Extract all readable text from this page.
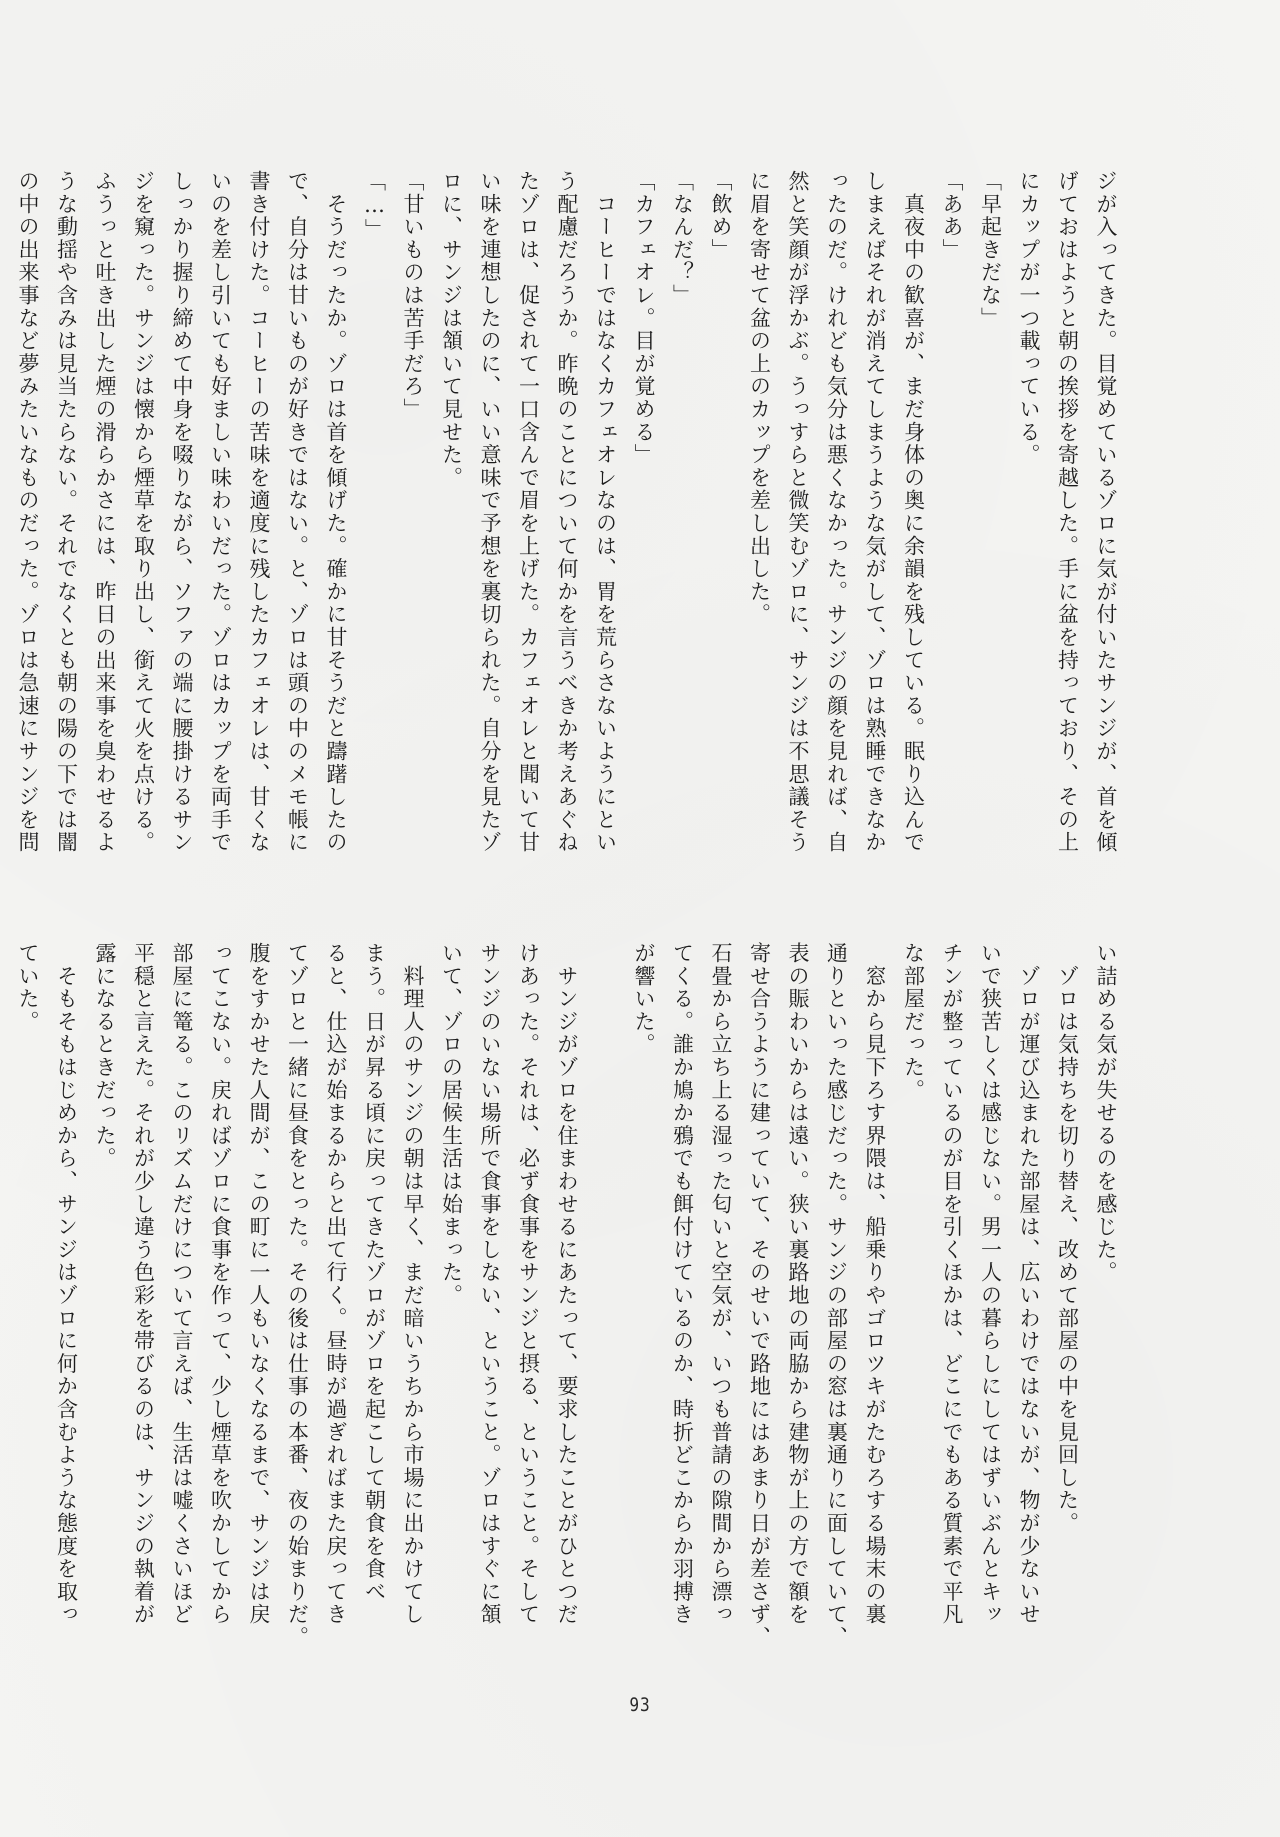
ジが入ってきた。目覚めているゾロに気が付いたサンジが、首を傾
げておはようと朝の挨拶を寄越した。手に盆を持っており、その上
にカップが一つ載っている。
「早起きだな」
「ああ」
　真夜中の歓喜が、まだ身体の奥に余韻を残している。眠り込んで
しまえばそれが消えてしまうような気がして、ゾロは熟睡できなか
ったのだ。けれども気分は悪くなかった。サンジの顔を見れば、自
然と笑顔が浮かぶ。うっすらと微笑むゾロに、サンジは不思議そう
に眉を寄せて盆の上のカップを差し出した。
「飲め」
「なんだ？」
「カフェオレ。目が覚める」
　コーヒーではなくカフェオレなのは、胃を荒らさないようにとい
う配慮だろうか。昨晩のことについて何かを言うべきか考えあぐね
たゾロは、促されて一口含んで眉を上げた。カフェオレと聞いて甘
い味を連想したのに、いい意味で予想を裏切られた。自分を見たゾ
ロに、サンジは頷いて見せた。
「甘いものは苦手だろ」
「…」
　そうだったか。ゾロは首を傾げた。確かに甘そうだと躊躇したの
で、自分は甘いものが好きではない。と、ゾロは頭の中のメモ帳に
書き付けた。コーヒーの苦味を適度に残したカフェオレは、甘くな
いのを差し引いても好ましい味わいだった。ゾロはカップを両手で
しっかり握り締めて中身を啜りながら、ソファの端に腰掛けるサン
ジを窺った。サンジは懐から煙草を取り出し、銜えて火を点ける。
ふうっと吐き出した煙の滑らかさには、昨日の出来事を臭わせるよ
うな動揺や含みは見当たらない。それでなくとも朝の陽の下では闇
の中の出来事など夢みたいなものだった。ゾロは急速にサンジを問
い詰める気が失せるのを感じた。
　ゾロは気持ちを切り替え、改めて部屋の中を見回した。
　ゾロが運び込まれた部屋は、広いわけではないが、物が少ないせ
いで狭苦しくは感じない。男一人の暮らしにしてはずいぶんとキッ
チンが整っているのが目を引くほかは、どこにでもある質素で平凡
な部屋だった。
　窓から見下ろす界隈は、船乗りやゴロツキがたむろする場末の裏
通りといった感じだった。サンジの部屋の窓は裏通りに面していて、
表の賑わいからは遠い。狭い裏路地の両脇から建物が上の方で額を
寄せ合うように建っていて、そのせいで路地にはあまり日が差さず、
石畳から立ち上る湿った匂いと空気が、いつも普請の隙間から漂っ
てくる。誰か鳩か鴉でも餌付けているのか、時折どこからか羽搏き
が響いた。

　サンジがゾロを住まわせるにあたって、要求したことがひとつだ
けあった。それは、必ず食事をサンジと摂る、ということ。そして
サンジのいない場所で食事をしない、ということ。ゾロはすぐに頷
いて、ゾロの居候生活は始まった。
　料理人のサンジの朝は早く、まだ暗いうちから市場に出かけてし
まう。日が昇る頃に戻ってきたゾロがゾロを起こして朝食を食べ
ると、仕込が始まるからと出て行く。昼時が過ぎればまた戻ってき
てゾロと一緒に昼食をとった。その後は仕事の本番、夜の始まりだ。
腹をすかせた人間が、この町に一人もいなくなるまで、サンジは戻
ってこない。戻ればゾロに食事を作って、少し煙草を吹かしてから
部屋に篭る。このリズムだけについて言えば、生活は嘘くさいほど
平穏と言えた。それが少し違う色彩を帯びるのは、サンジの執着が
露になるときだった。
　そもそもはじめから、サンジはゾロに何か含むような態度を取っ
ていた。
93
